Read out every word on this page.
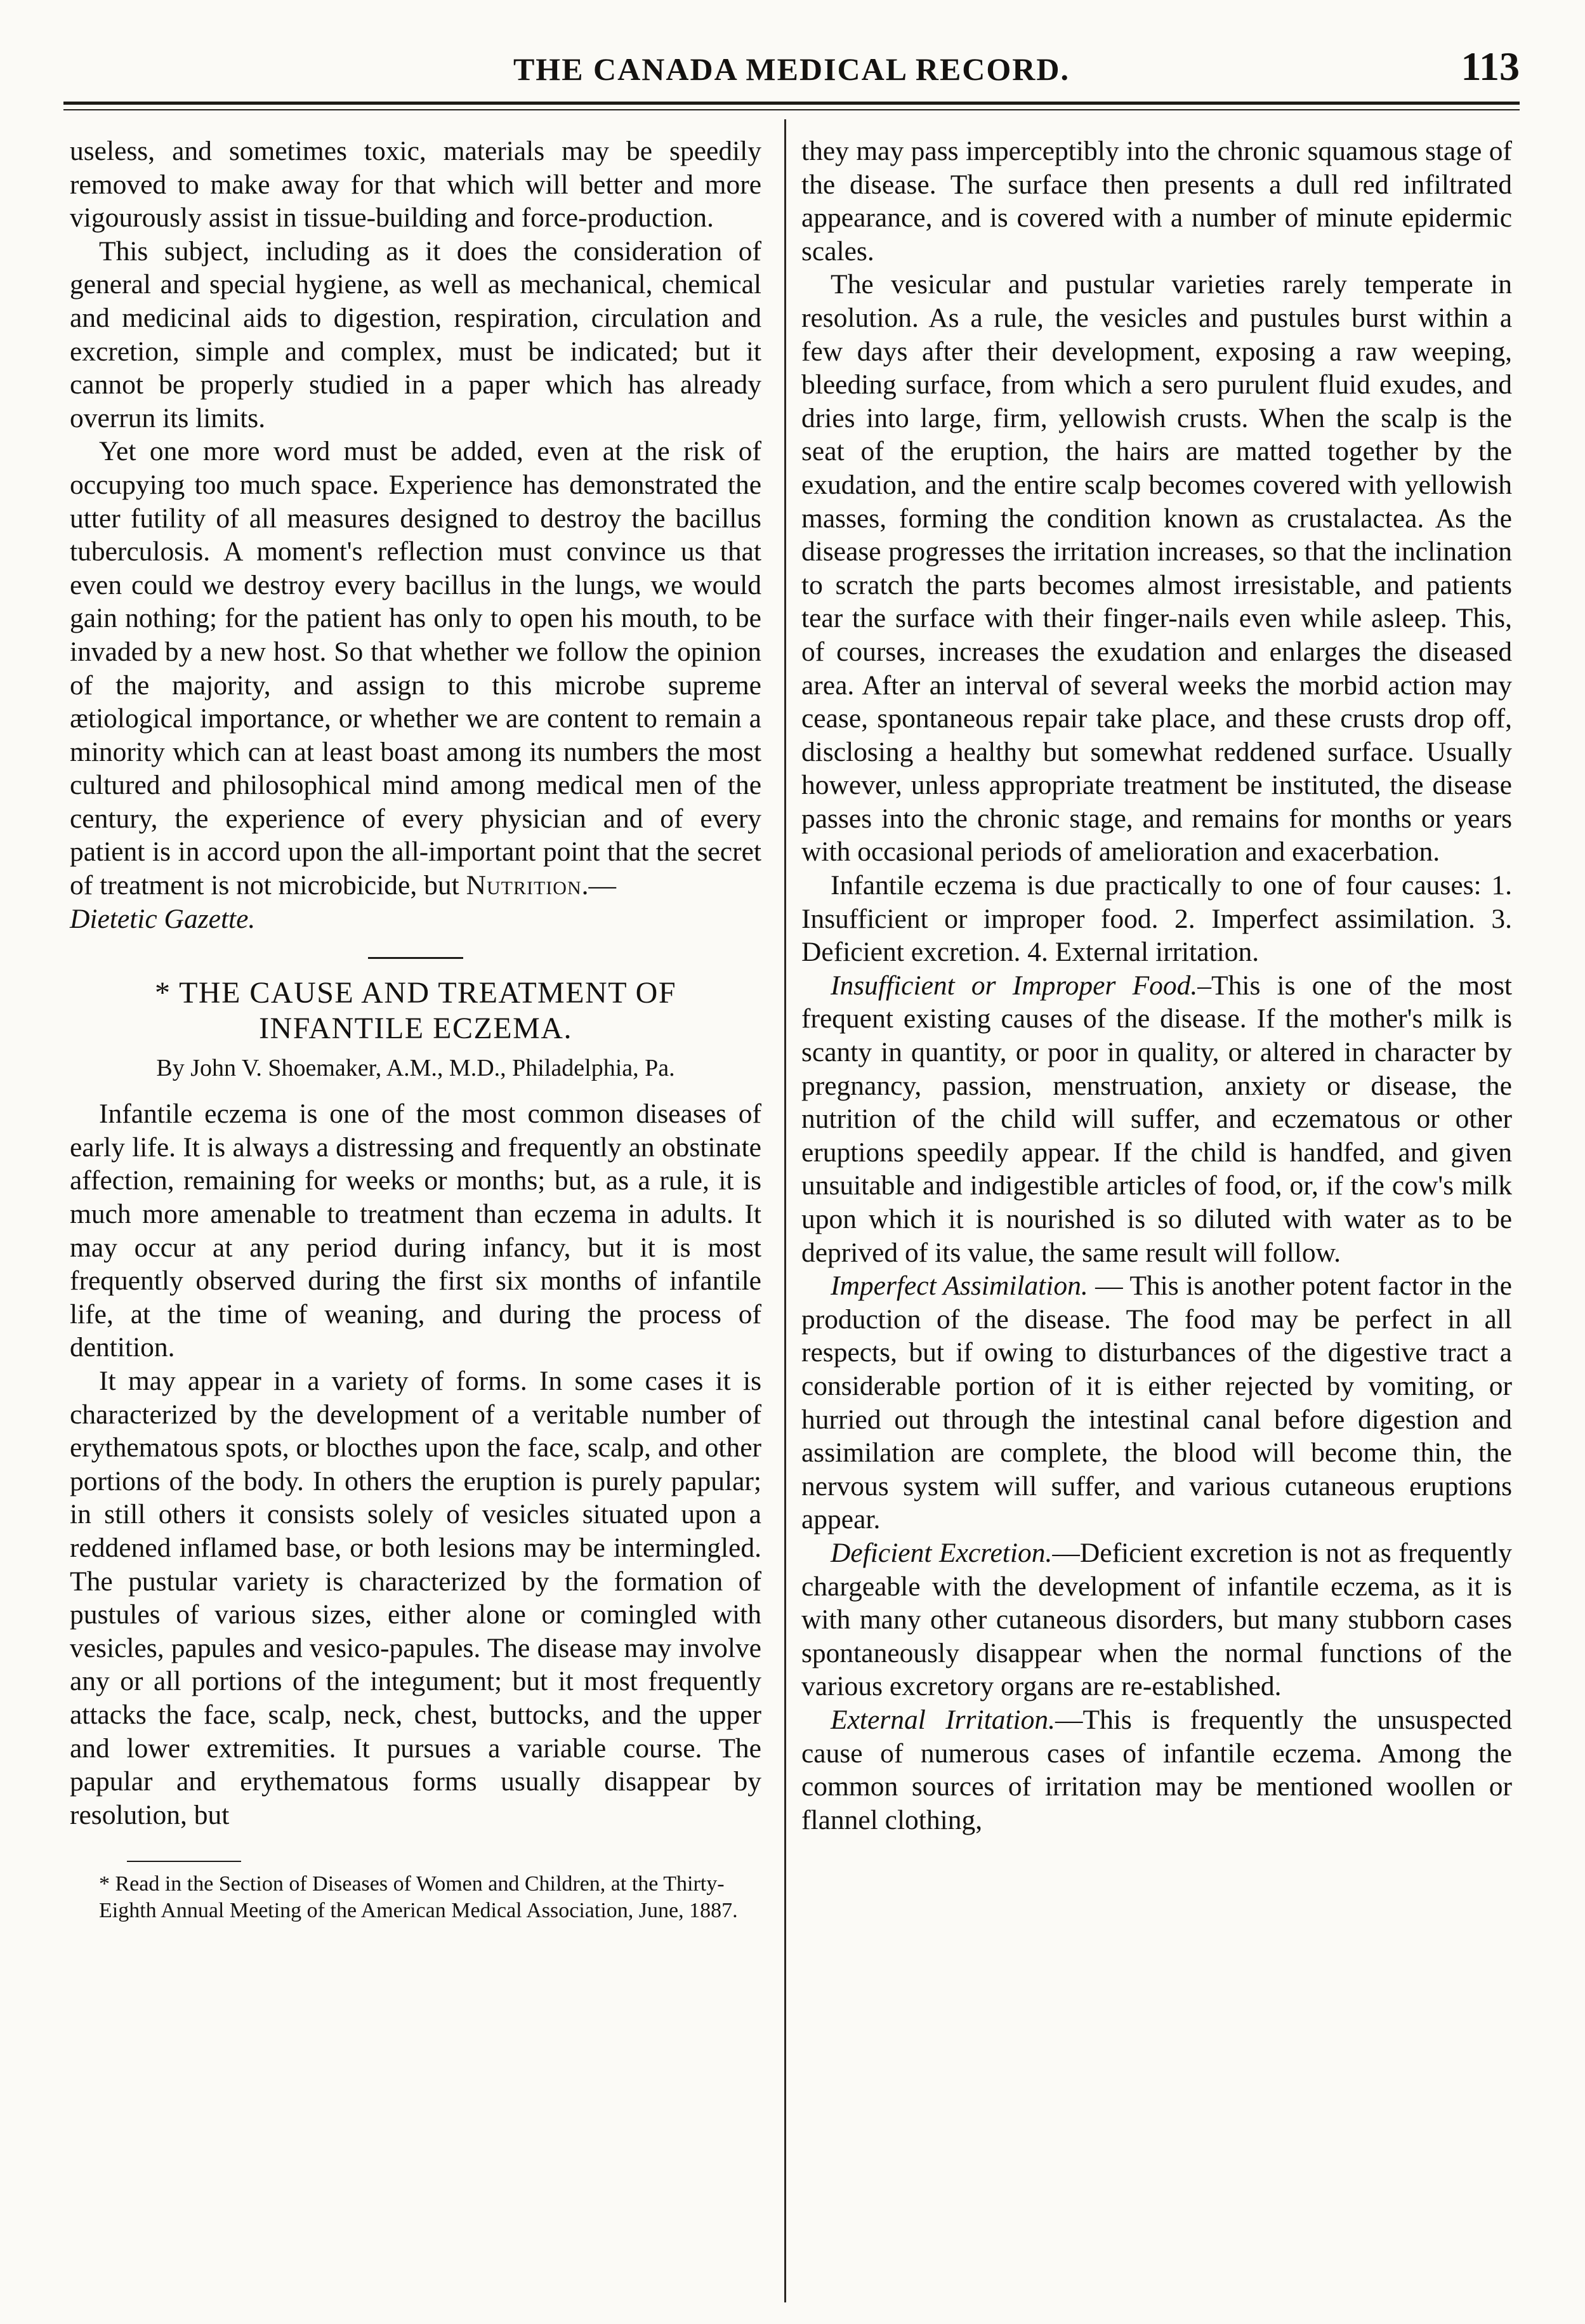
THE CANADA MEDICAL RECORD.	113

useless, and sometimes toxic, materials may be speedily removed to make away for that which will better and more vigourously assist in tissue-building and force-production.

This subject, including as it does the consideration of general and special hygiene, as well as mechanical, chemical and medicinal aids to digestion, respiration, circulation and excretion, simple and complex, must be indicated; but it cannot be properly studied in a paper which has already overrun its limits.

Yet one more word must be added, even at the risk of occupying too much space. Experience has demonstrated the utter futility of all measures designed to destroy the bacillus tuberculosis. A moment's reflection must convince us that even could we destroy every bacillus in the lungs, we would gain nothing; for the patient has only to open his mouth, to be invaded by a new host. So that whether we follow the opinion of the majority, and assign to this microbe supreme ætiological importance, or whether we are content to remain a minority which can at least boast among its numbers the most cultured and philosophical mind among medical men of the century, the experience of every physician and of every patient is in accord upon the all-important point that the secret of treatment is not microbicide, but Nutrition.—
Dietetic Gazette.

* THE CAUSE AND TREATMENT OF INFANTILE ECZEMA.

By John V. Shoemaker, A.M., M.D., Philadelphia, Pa.

Infantile eczema is one of the most common diseases of early life. It is always a distressing and frequently an obstinate affection, remaining for weeks or months; but, as a rule, it is much more amenable to treatment than eczema in adults. It may occur at any period during infancy, but it is most frequently observed during the first six months of infantile life, at the time of weaning, and during the process of dentition.

It may appear in a variety of forms. In some cases it is characterized by the development of a veritable number of erythematous spots, or blocthes upon the face, scalp, and other portions of the body. In others the eruption is purely papular; in still others it consists solely of vesicles situated upon a reddened inflamed base, or both lesions may be intermingled. The pustular variety is characterized by the formation of pustules of various sizes, either alone or comingled with vesicles, papules and vesico-papules. The disease may involve any or all portions of the integument; but it most frequently attacks the face, scalp, neck, chest, buttocks, and the upper and lower extremities. It pursues a variable course. The papular and erythematous forms usually disappear by resolution, but

* Read in the Section of Diseases of Women and Children, at the Thirty-Eighth Annual Meeting of the American Medical Association, June, 1887.

they may pass imperceptibly into the chronic squamous stage of the disease. The surface then presents a dull red infiltrated appearance, and is covered with a number of minute epidermic scales.

The vesicular and pustular varieties rarely temperate in resolution. As a rule, the vesicles and pustules burst within a few days after their development, exposing a raw weeping, bleeding surface, from which a sero purulent fluid exudes, and dries into large, firm, yellowish crusts. When the scalp is the seat of the eruption, the hairs are matted together by the exudation, and the entire scalp becomes covered with yellowish masses, forming the condition known as crustalactea. As the disease progresses the irritation increases, so that the inclination to scratch the parts becomes almost irresistable, and patients tear the surface with their finger-nails even while asleep. This, of courses, increases the exudation and enlarges the diseased area. After an interval of several weeks the morbid action may cease, spontaneous repair take place, and these crusts drop off, disclosing a healthy but somewhat reddened surface. Usually however, unless appropriate treatment be instituted, the disease passes into the chronic stage, and remains for months or years with occasional periods of amelioration and exacerbation.

Infantile eczema is due practically to one of four causes: 1. Insufficient or improper food. 2. Imperfect assimilation. 3. Deficient excretion. 4. External irritation.

Insufficient or Improper Food.–This is one of the most frequent existing causes of the disease. If the mother's milk is scanty in quantity, or poor in quality, or altered in character by pregnancy, passion, menstruation, anxiety or disease, the nutrition of the child will suffer, and eczematous or other eruptions speedily appear. If the child is handfed, and given unsuitable and indigestible articles of food, or, if the cow's milk upon which it is nourished is so diluted with water as to be deprived of its value, the same result will follow.

Imperfect Assimilation. — This is another potent factor in the production of the disease. The food may be perfect in all respects, but if owing to disturbances of the digestive tract a considerable portion of it is either rejected by vomiting, or hurried out through the intestinal canal before digestion and assimilation are complete, the blood will become thin, the nervous system will suffer, and various cutaneous eruptions appear.

Deficient Excretion.—Deficient excretion is not as frequently chargeable with the development of infantile eczema, as it is with many other cutaneous disorders, but many stubborn cases spontaneously disappear when the normal functions of the various excretory organs are re-established.

External Irritation.—This is frequently the unsuspected cause of numerous cases of infantile eczema. Among the common sources of irritation may be mentioned woollen or flannel clothing,
